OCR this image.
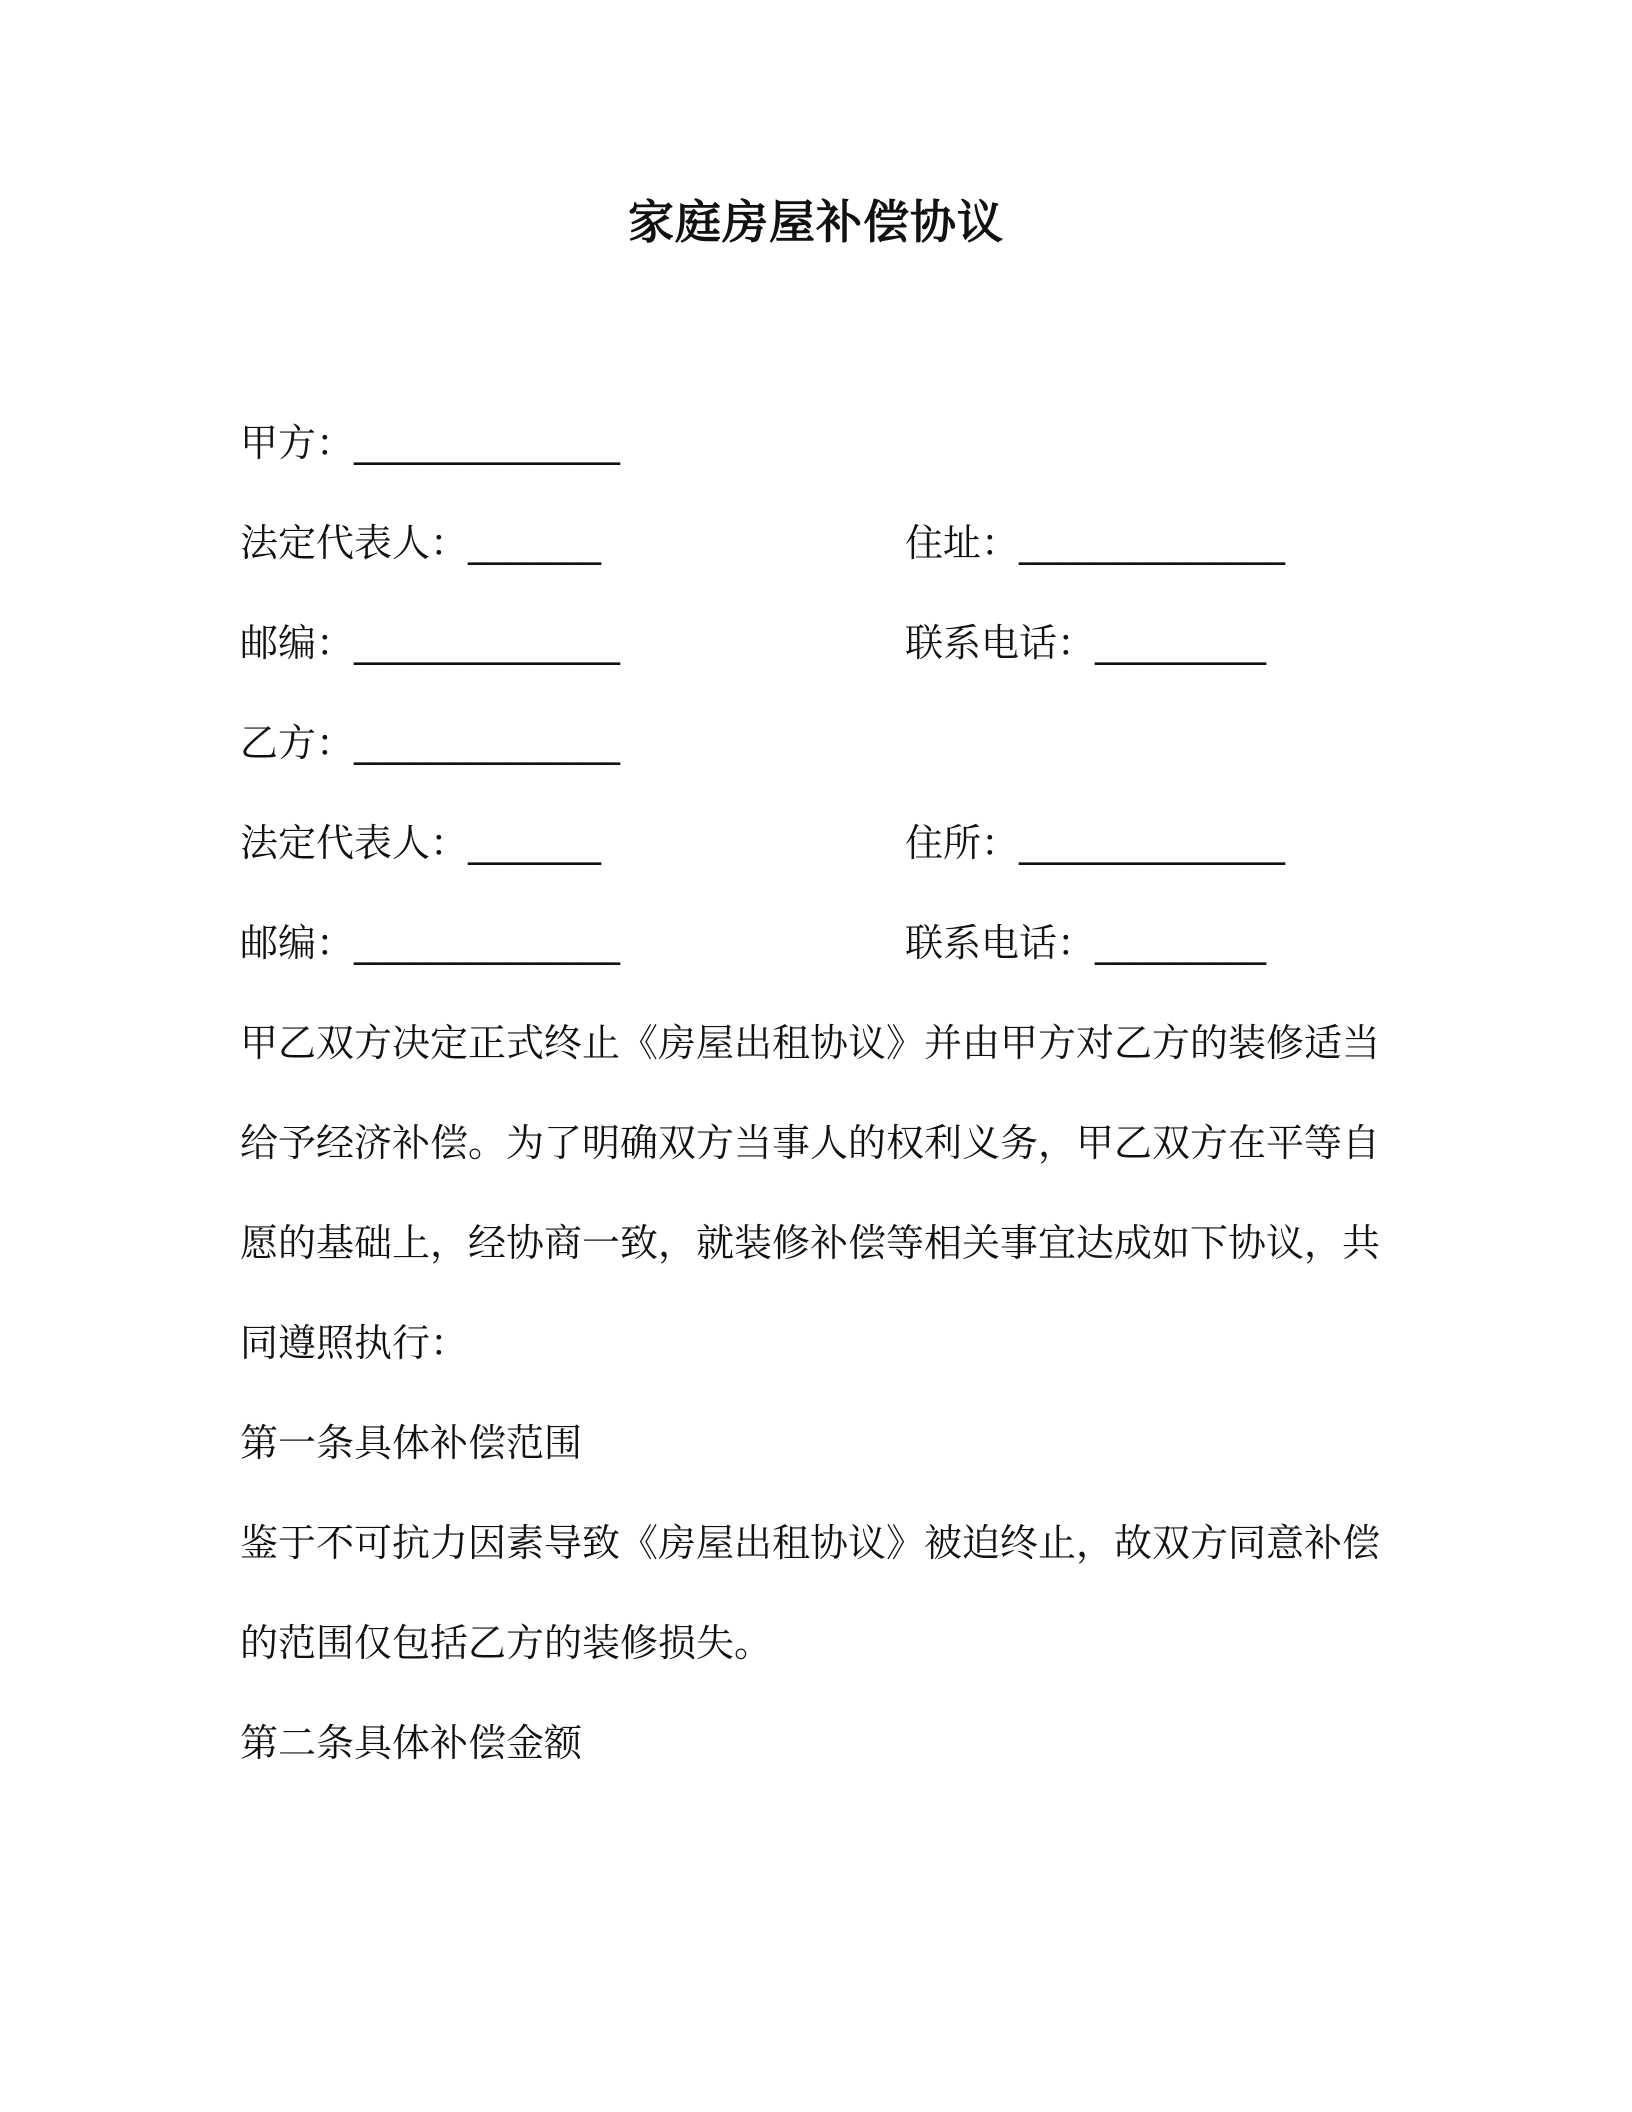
家庭房屋补偿协议
甲方：______________
法定代表人：_______	住址：______________
邮编：______________	联系电话：_________
乙方：______________
法定代表人：_______	住所：______________
邮编：______________	联系电话：_________
甲乙双方决定正式终止《房屋出租协议》并由甲方对乙方的装修适当
给予经济补偿。为了明确双方当事人的权利义务，甲乙双方在平等自
愿的基础上，经协商一致，就装修补偿等相关事宜达成如下协议，共
同遵照执行：
第一条具体补偿范围
鉴于不可抗力因素导致《房屋出租协议》被迫终止，故双方同意补偿
的范围仅包括乙方的装修损失。
第二条具体补偿金额
